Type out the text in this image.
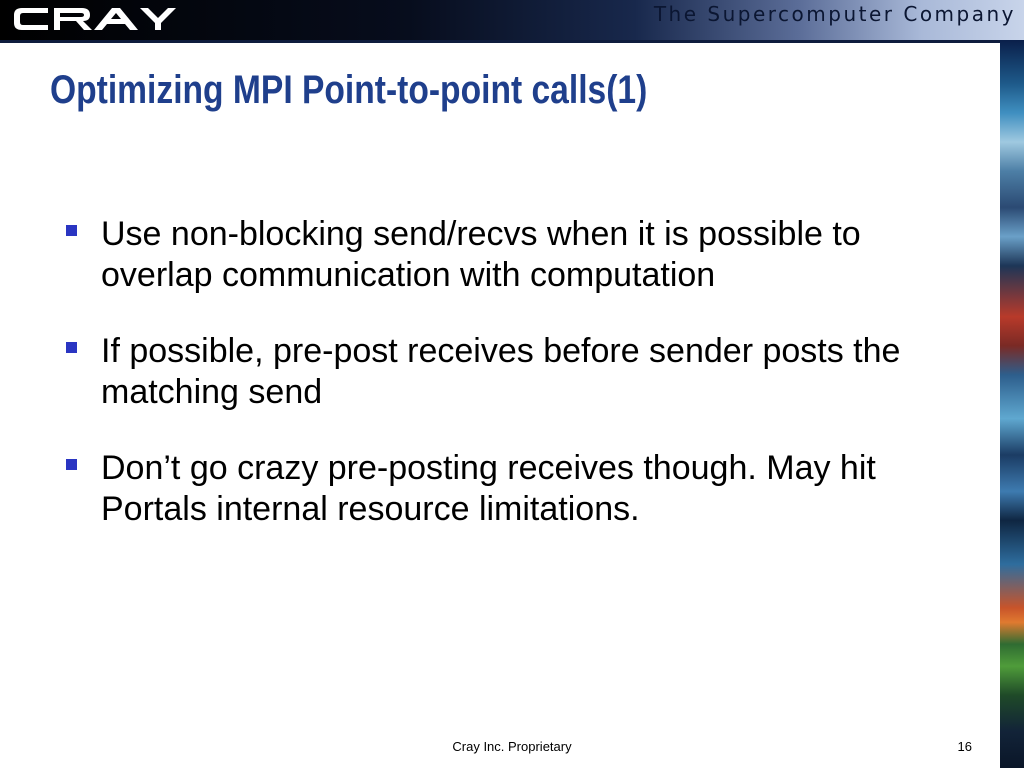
The Supercomputer Company
Optimizing MPI Point-to-point calls(1)
Use non-blocking send/recvs when it is possible to overlap communication with computation
If possible, pre-post receives before sender posts the matching send
Don’t go crazy pre-posting receives though. May hit Portals internal resource limitations.
Cray Inc. Proprietary	16
